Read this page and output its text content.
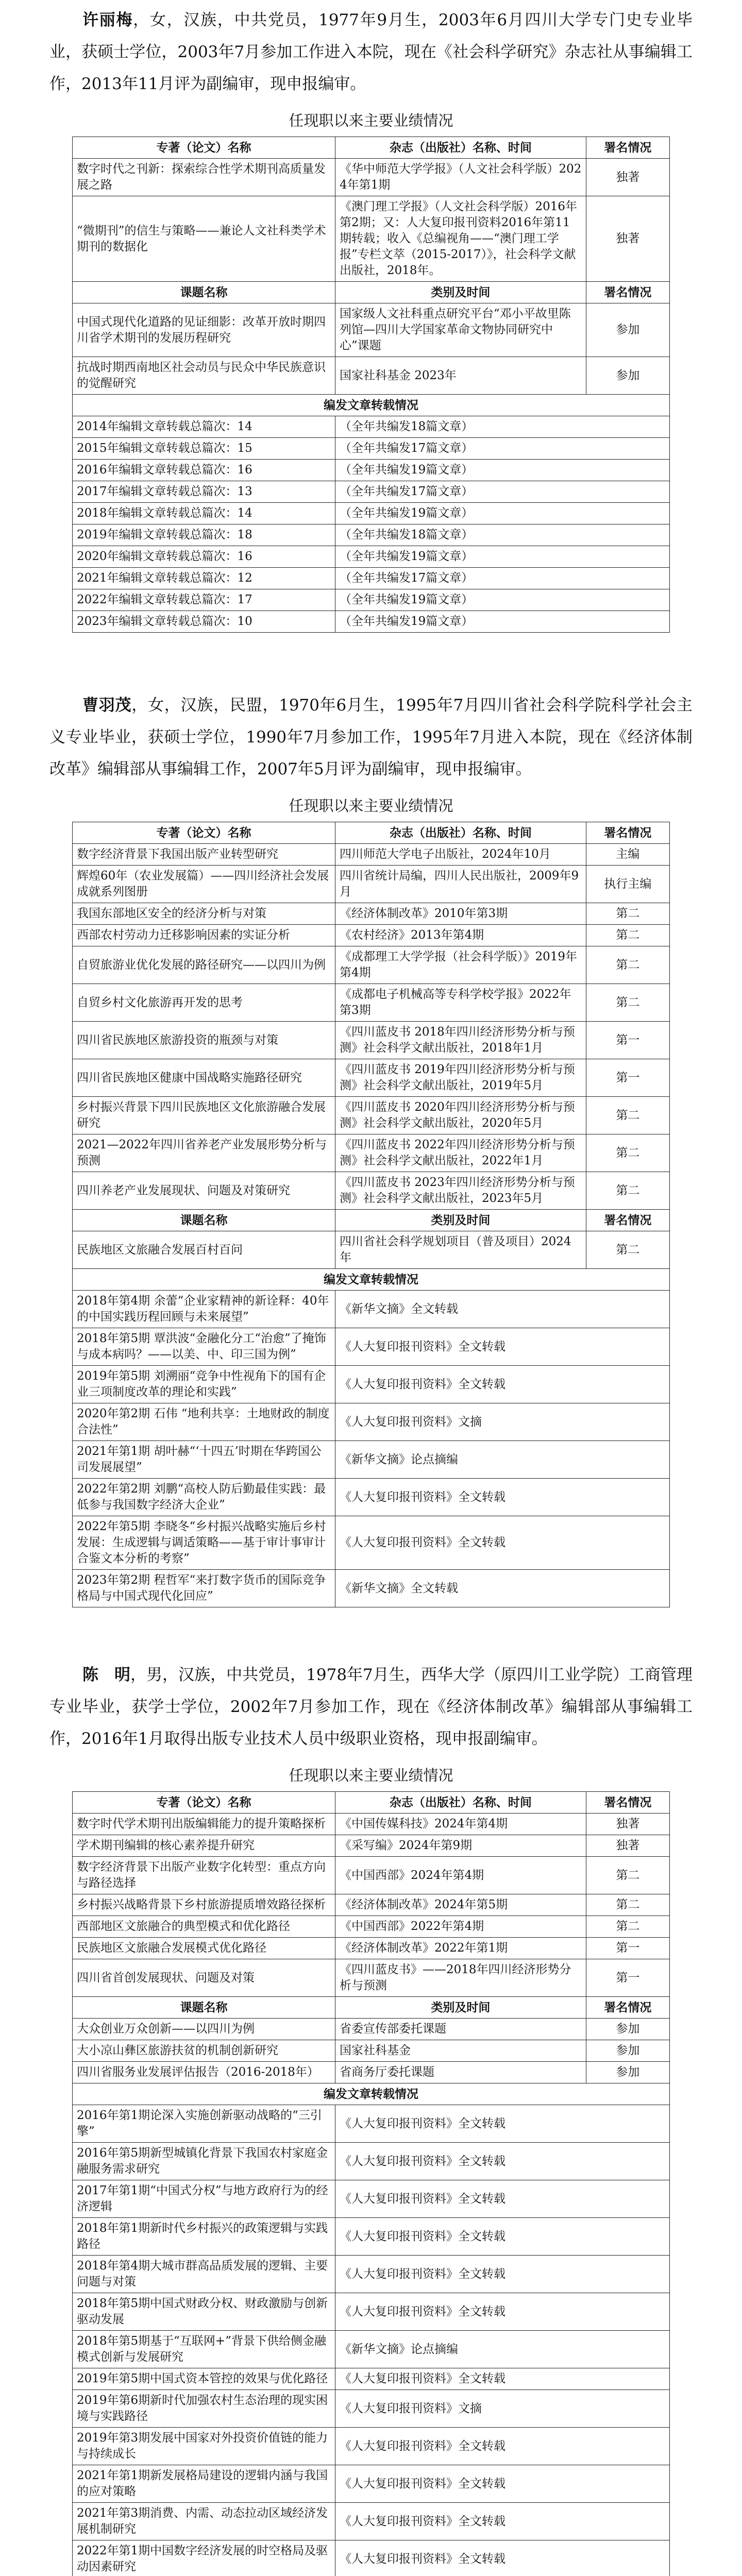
许丽梅，女，汉族，中共党员，1977年9月生，2003年6月四川大学专门史专业毕业，获硕士学位，2003年7月参加工作进入本院，现在《社会科学研究》杂志社从事编辑工作，2013年11月评为副编审，现申报编审。

任现职以来主要业绩情况
专著（论文）名称	杂志（出版社）名称、时间	署名情况
数字时代之刊新：探索综合性学术期刊高质量发展之路	《华中师范大学学报》（人文社会科学版）2024年第1期	独著
“微期刊”的信生与策略——兼论人文社科类学术期刊的数据化	《澳门理工学报》（人文社会科学版）2016年第2期；又：人大复印报刊资料2016年第11期转载；收入《总编视角——“澳门理工学报”专栏文萃（2015-2017）》，社会科学文献出版社，2018年。	独著
课题名称	类别及时间	署名情况
中国式现代化道路的见证细影：改革开放时期四川省学术期刊的发展历程研究	国家级人文社科重点研究平台“邓小平故里陈列馆—四川大学国家革命文物协同研究中心”课题	参加
抗战时期西南地区社会动员与民众中华民族意识的觉醒研究	国家社科基金 2023年	参加
编发文章转载情况		
2014年编辑文章转载总篇次：14	（全年共编发18篇文章）	
2015年编辑文章转载总篇次：15	（全年共编发17篇文章）	
2016年编辑文章转载总篇次：16	（全年共编发19篇文章）	
2017年编辑文章转载总篇次：13	（全年共编发17篇文章）	
2018年编辑文章转载总篇次：14	（全年共编发19篇文章）	
2019年编辑文章转载总篇次：18	（全年共编发18篇文章）	
2020年编辑文章转载总篇次：16	（全年共编发19篇文章）	
2021年编辑文章转载总篇次：12	（全年共编发17篇文章）	
2022年编辑文章转载总篇次：17	（全年共编发19篇文章）	
2023年编辑文章转载总篇次：10	（全年共编发19篇文章）	

曹羽茂，女，汉族，民盟，1970年6月生，1995年7月四川省社会科学院科学社会主义专业毕业，获硕士学位，1990年7月参加工作，1995年7月进入本院，现在《经济体制改革》编辑部从事编辑工作，2007年5月评为副编审，现申报编审。

任现职以来主要业绩情况
专著（论文）名称	杂志（出版社）名称、时间	署名情况
数字经济背景下我国出版产业转型研究	四川师范大学电子出版社，2024年10月	主编
辉煌60年（农业发展篇）——四川经济社会发展成就系列图册	四川省统计局编，四川人民出版社，2009年9月	执行主编
我国东部地区安全的经济分析与对策	《经济体制改革》2010年第3期	第二
西部农村劳动力迁移影响因素的实证分析	《农村经济》2013年第4期	第二
自贸旅游业优化发展的路径研究——以四川为例	《成都理工大学学报（社会科学版）》2019年第4期	第二
自贸乡村文化旅游再开发的思考	《成都电子机械高等专科学校学报》2022年第3期	第二
四川省民族地区旅游投资的瓶颈与对策	《四川蓝皮书 2018年四川经济形势分析与预测》社会科学文献出版社，2018年1月	第一
四川省民族地区健康中国战略实施路径研究	《四川蓝皮书 2019年四川经济形势分析与预测》社会科学文献出版社，2019年5月	第一
乡村振兴背景下四川民族地区文化旅游融合发展研究	《四川蓝皮书 2020年四川经济形势分析与预测》社会科学文献出版社，2020年5月	第二
2021—2022年四川省养老产业发展形势分析与预测	《四川蓝皮书 2022年四川经济形势分析与预测》社会科学文献出版社，2022年1月	第二
四川养老产业发展现状、问题及对策研究	《四川蓝皮书 2023年四川经济形势分析与预测》社会科学文献出版社，2023年5月	第二
课题名称	类别及时间	署名情况
民族地区文旅融合发展百村百问	四川省社会科学规划项目（普及项目）2024年	第二
编发文章转载情况		
2018年第4期 余蕾“企业家精神的新诠释：40年的中国实践历程回顾与未来展望”	《新华文摘》全文转载	
2018年第5期 覃洪波“金融化分工“治愈”了掩饰与成本病吗？——以美、中、印三国为例”	《人大复印报刊资料》全文转载	
2019年第5期 刘溯丽“竞争中性视角下的国有企业三项制度改革的理论和实践”	《人大复印报刊资料》全文转载	
2020年第2期 石伟 “地利共享：土地财政的制度合法性”	《人大复印报刊资料》文摘	
2021年第1期 胡叶赫“‘十四五’时期在华跨国公司发展展望”	《新华文摘》论点摘编	
2022年第2期 刘鹏“高校人防后勤最佳实践：最低参与我国数字经济大企业”	《人大复印报刊资料》全文转载	
2022年第5期 李晓冬“乡村振兴战略实施后乡村发展：生成逻辑与调适策略——基于审计事审计合鉴文本分析的考察”	《人大复印报刊资料》全文转载	
2023年第2期 程哲军“来打数字货币的国际竞争格局与中国式现代化回应”	《新华文摘》全文转载	

陈　明，男，汉族，中共党员，1978年7月生，西华大学（原四川工业学院）工商管理专业毕业，获学士学位，2002年7月参加工作，现在《经济体制改革》编辑部从事编辑工作，2016年1月取得出版专业技术人员中级职业资格，现申报副编审。

任现职以来主要业绩情况
专著（论文）名称	杂志（出版社）名称、时间	署名情况
数字时代学术期刊出版编辑能力的提升策略探析	《中国传媒科技》2024年第4期	独著
学术期刊编辑的核心素养提升研究	《采写编》2024年第9期	独著
数字经济背景下出版产业数字化转型：重点方向与路径选择	《中国西部》2024年第4期	第二
乡村振兴战略背景下乡村旅游提质增效路径探析	《经济体制改革》2024年第5期	第二
西部地区文旅融合的典型模式和优化路径	《中国西部》2022年第4期	第二
民族地区文旅融合发展模式优化路径	《经济体制改革》2022年第1期	第一
四川省首创发展现状、问题及对策	《四川蓝皮书》——2018年四川经济形势分析与预测	第一
课题名称	类别及时间	署名情况
大众创业万众创新——以四川为例	省委宣传部委托课题	参加
大小凉山彝区旅游扶贫的机制创新研究	国家社科基金	参加
四川省服务业发展评估报告（2016-2018年）	省商务厅委托课题	参加
编发文章转载情况		
2016年第1期论深入实施创新驱动战略的“三引擎”	《人大复印报刊资料》全文转载	
2016年第5期新型城镇化背景下我国农村家庭金融服务需求研究	《人大复印报刊资料》全文转载	
2017年第1期“中国式分权”与地方政府行为的经济逻辑	《人大复印报刊资料》全文转载	
2018年第1期新时代乡村振兴的政策逻辑与实践路径	《人大复印报刊资料》全文转载	
2018年第4期大城市群高品质发展的逻辑、主要问题与对策	《人大复印报刊资料》全文转载	
2018年第5期中国式财政分权、财政激励与创新驱动发展	《人大复印报刊资料》全文转载	
2018年第5期基于“互联网+”背景下供给侧金融模式创新与发展研究	《新华文摘》论点摘编	
2019年第5期中国式资本管控的效果与优化路径	《人大复印报刊资料》全文转载	
2019年第6期新时代加强农村生态治理的现实困境与实践路径	《人大复印报刊资料》文摘	
2019年第3期发展中国家对外投资价值链的能力与持续成长	《人大复印报刊资料》全文转载	
2021年第1期新发展格局建设的逻辑内涵与我国的应对策略	《人大复印报刊资料》全文转载	
2021年第3期消费、内需、动态拉动区域经济发展机制研究	《人大复印报刊资料》全文转载	
2022年第1期中国数字经济发展的时空格局及驱动因素研究	《人大复印报刊资料》全文转载	
